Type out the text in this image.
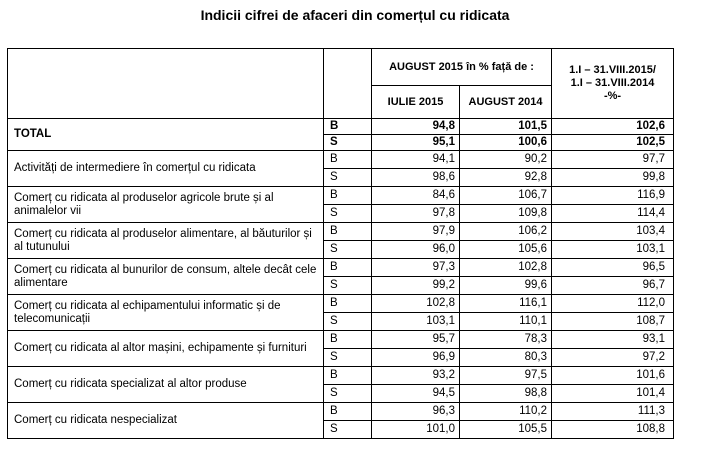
Indicii cifrei de afaceri din comerțul cu ridicata
		AUGUST 2015 în % față de :		1.I – 31.VIII.2015/
1.I – 31.VIII.2014
-%-

		IULIE 2015	AUGUST 2014	
TOTAL	B	94,8	101,5	102,6
	S	95,1	100,6	102,5
Activități de intermediere în comerțul cu ridicata	B	94,1	90,2	97,7
	S	98,6	92,8	99,8
Comerț cu ridicata al produselor agricole brute și al animalelor vii	B	84,6	106,7	116,9
	S	97,8	109,8	114,4
Comerț cu ridicata al produselor alimentare, al băuturilor și al tutunului	B	97,9	106,2	103,4
	S	96,0	105,6	103,1
Comerț cu ridicata al bunurilor de consum, altele decât cele alimentare	B	97,3	102,8	96,5
	S	99,2	99,6	96,7
Comerț cu ridicata al echipamentului informatic și de telecomunicații	B	102,8	116,1	112,0
	S	103,1	110,1	108,7
Comerț cu ridicata al altor mașini, echipamente și furnituri	B	95,7	78,3	93,1
	S	96,9	80,3	97,2
Comerț cu ridicata specializat al altor produse	B	93,2	97,5	101,6
	S	94,5	98,8	101,4
Comerț cu ridicata nespecializat	B	96,3	110,2	111,3
	S	101,0	105,5	108,8
